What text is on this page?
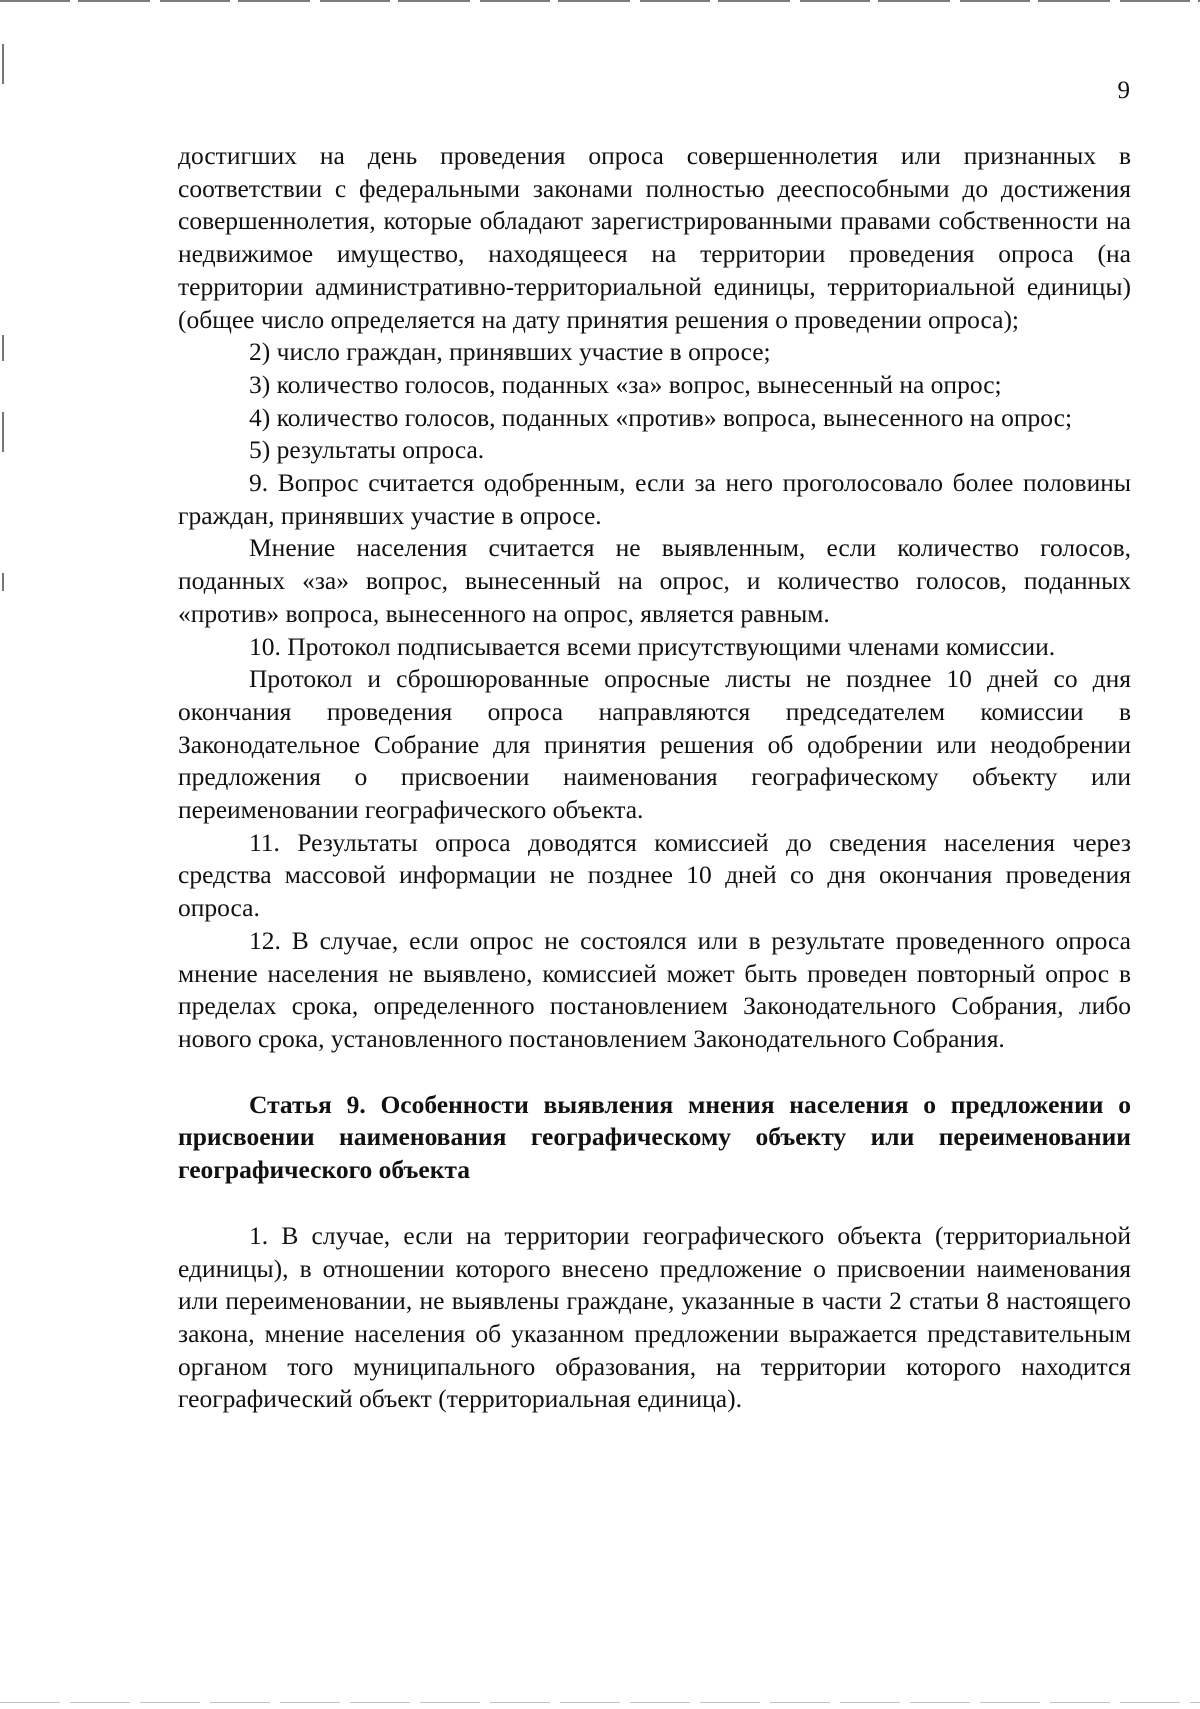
9

достигших на день проведения опроса совершеннолетия или признанных в соответствии с федеральными законами полностью дееспособными до достижения совершеннолетия, которые обладают зарегистрированными правами собственности на недвижимое имущество, находящееся на территории проведения опроса (на территории административно-территориальной единицы, территориальной единицы) (общее число определяется на дату принятия решения о проведении опроса);

2) число граждан, принявших участие в опросе;

3) количество голосов, поданных «за» вопрос, вынесенный на опрос;

4) количество голосов, поданных «против» вопроса, вынесенного на опрос;

5) результаты опроса.

9. Вопрос считается одобренным, если за него проголосовало более половины граждан, принявших участие в опросе.

Мнение населения считается не выявленным, если количество голосов, поданных «за» вопрос, вынесенный на опрос, и количество голосов, поданных «против» вопроса, вынесенного на опрос, является равным.

10. Протокол подписывается всеми присутствующими членами комиссии.

Протокол и сброшюрованные опросные листы не позднее 10 дней со дня окончания проведения опроса направляются председателем комиссии в Законодательное Собрание для принятия решения об одобрении или неодобрении предложения о присвоении наименования географическому объекту или переименовании географического объекта.

11. Результаты опроса доводятся комиссией до сведения населения через средства массовой информации не позднее 10 дней со дня окончания проведения опроса.

12. В случае, если опрос не состоялся или в результате проведенного опроса мнение населения не выявлено, комиссией может быть проведен повторный опрос в пределах срока, определенного постановлением Законодательного Собрания, либо нового срока, установленного постановлением Законодательного Собрания.

Статья 9. Особенности выявления мнения населения о предложении о присвоении наименования географическому объекту или переименовании географического объекта

1. В случае, если на территории географического объекта (территориальной единицы), в отношении которого внесено предложение о присвоении наименования или переименовании, не выявлены граждане, указанные в части 2 статьи 8 настоящего закона, мнение населения об указанном предложении выражается представительным органом того муниципального образования, на территории которого находится географический объект (территориальная единица).
